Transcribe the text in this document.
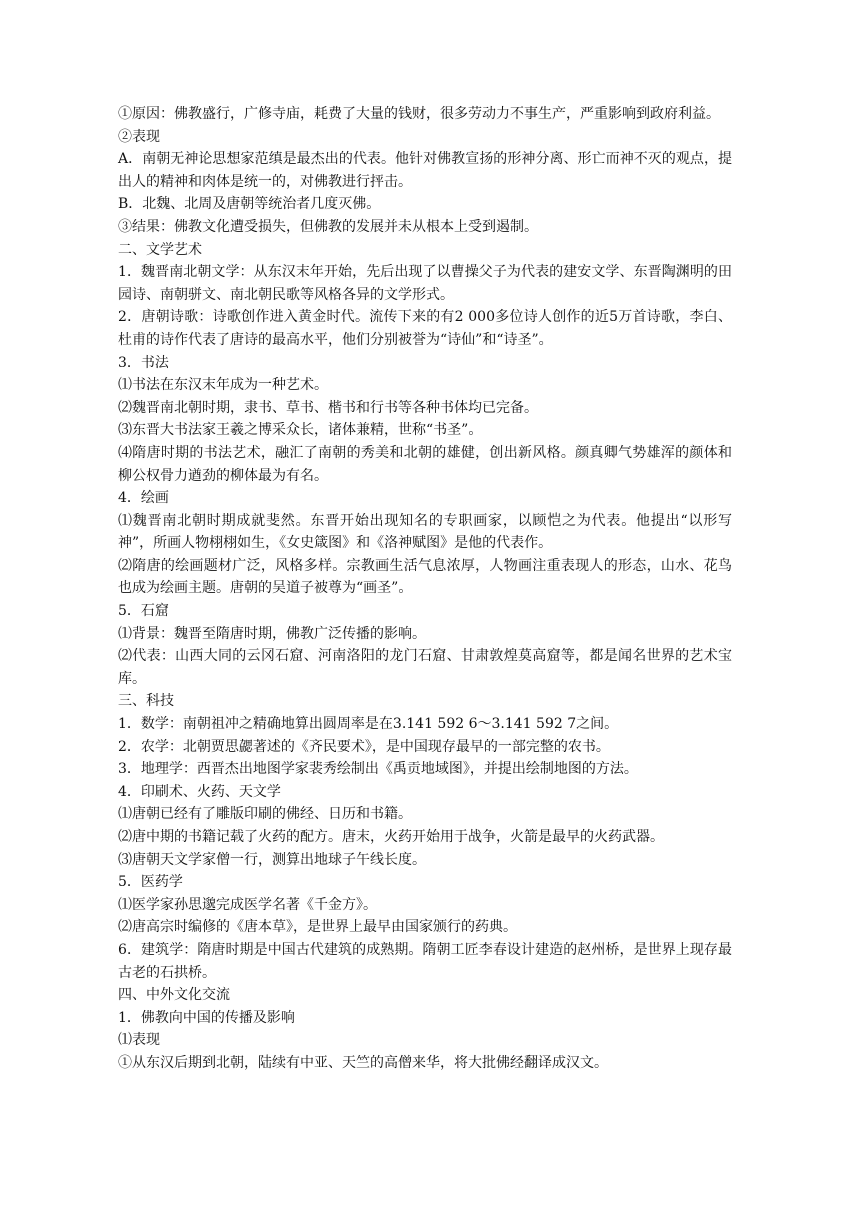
①原因：佛教盛行，广修寺庙，耗费了大量的钱财，很多劳动力不事生产，严重影响到政府利益。

②表现

A．南朝无神论思想家范缜是最杰出的代表。他针对佛教宣扬的形神分离、形亡而神不灭的观点，提出人的精神和肉体是统一的，对佛教进行抨击。

B．北魏、北周及唐朝等统治者几度灭佛。

③结果：佛教文化遭受损失，但佛教的发展并未从根本上受到遏制。

二、文学艺术

1．魏晋南北朝文学：从东汉末年开始，先后出现了以曹操父子为代表的建安文学、东晋陶渊明的田园诗、南朝骈文、南北朝民歌等风格各异的文学形式。

2．唐朝诗歌：诗歌创作进入黄金时代。流传下来的有2 000多位诗人创作的近5万首诗歌，李白、杜甫的诗作代表了唐诗的最高水平，他们分别被誉为“诗仙”和“诗圣”。

3．书法

⑴书法在东汉末年成为一种艺术。

⑵魏晋南北朝时期，隶书、草书、楷书和行书等各种书体均已完备。

⑶东晋大书法家王羲之博采众长，诸体兼精，世称“书圣”。

⑷隋唐时期的书法艺术，融汇了南朝的秀美和北朝的雄健，创出新风格。颜真卿气势雄浑的颜体和柳公权骨力遒劲的柳体最为有名。

4．绘画

⑴魏晋南北朝时期成就斐然。东晋开始出现知名的专职画家，以顾恺之为代表。他提出“以形写神”，所画人物栩栩如生，《女史箴图》和《洛神赋图》是他的代表作。

⑵隋唐的绘画题材广泛，风格多样。宗教画生活气息浓厚，人物画注重表现人的形态，山水、花鸟也成为绘画主题。唐朝的吴道子被尊为“画圣”。

5．石窟

⑴背景：魏晋至隋唐时期，佛教广泛传播的影响。

⑵代表：山西大同的云冈石窟、河南洛阳的龙门石窟、甘肃敦煌莫高窟等，都是闻名世界的艺术宝库。

三、科技

1．数学：南朝祖冲之精确地算出圆周率是在3.141 592 6～3.141 592 7之间。

2．农学：北朝贾思勰著述的《齐民要术》，是中国现存最早的一部完整的农书。

3．地理学：西晋杰出地图学家裴秀绘制出《禹贡地域图》，并提出绘制地图的方法。

4．印刷术、火药、天文学

⑴唐朝已经有了雕版印刷的佛经、日历和书籍。

⑵唐中期的书籍记载了火药的配方。唐末，火药开始用于战争，火箭是最早的火药武器。

⑶唐朝天文学家僧一行，测算出地球子午线长度。

5．医药学

⑴医学家孙思邈完成医学名著《千金方》。

⑵唐高宗时编修的《唐本草》，是世界上最早由国家颁行的药典。

6．建筑学：隋唐时期是中国古代建筑的成熟期。隋朝工匠李春设计建造的赵州桥，是世界上现存最古老的石拱桥。

四、中外文化交流

1．佛教向中国的传播及影响

⑴表现

①从东汉后期到北朝，陆续有中亚、天竺的高僧来华，将大批佛经翻译成汉文。
